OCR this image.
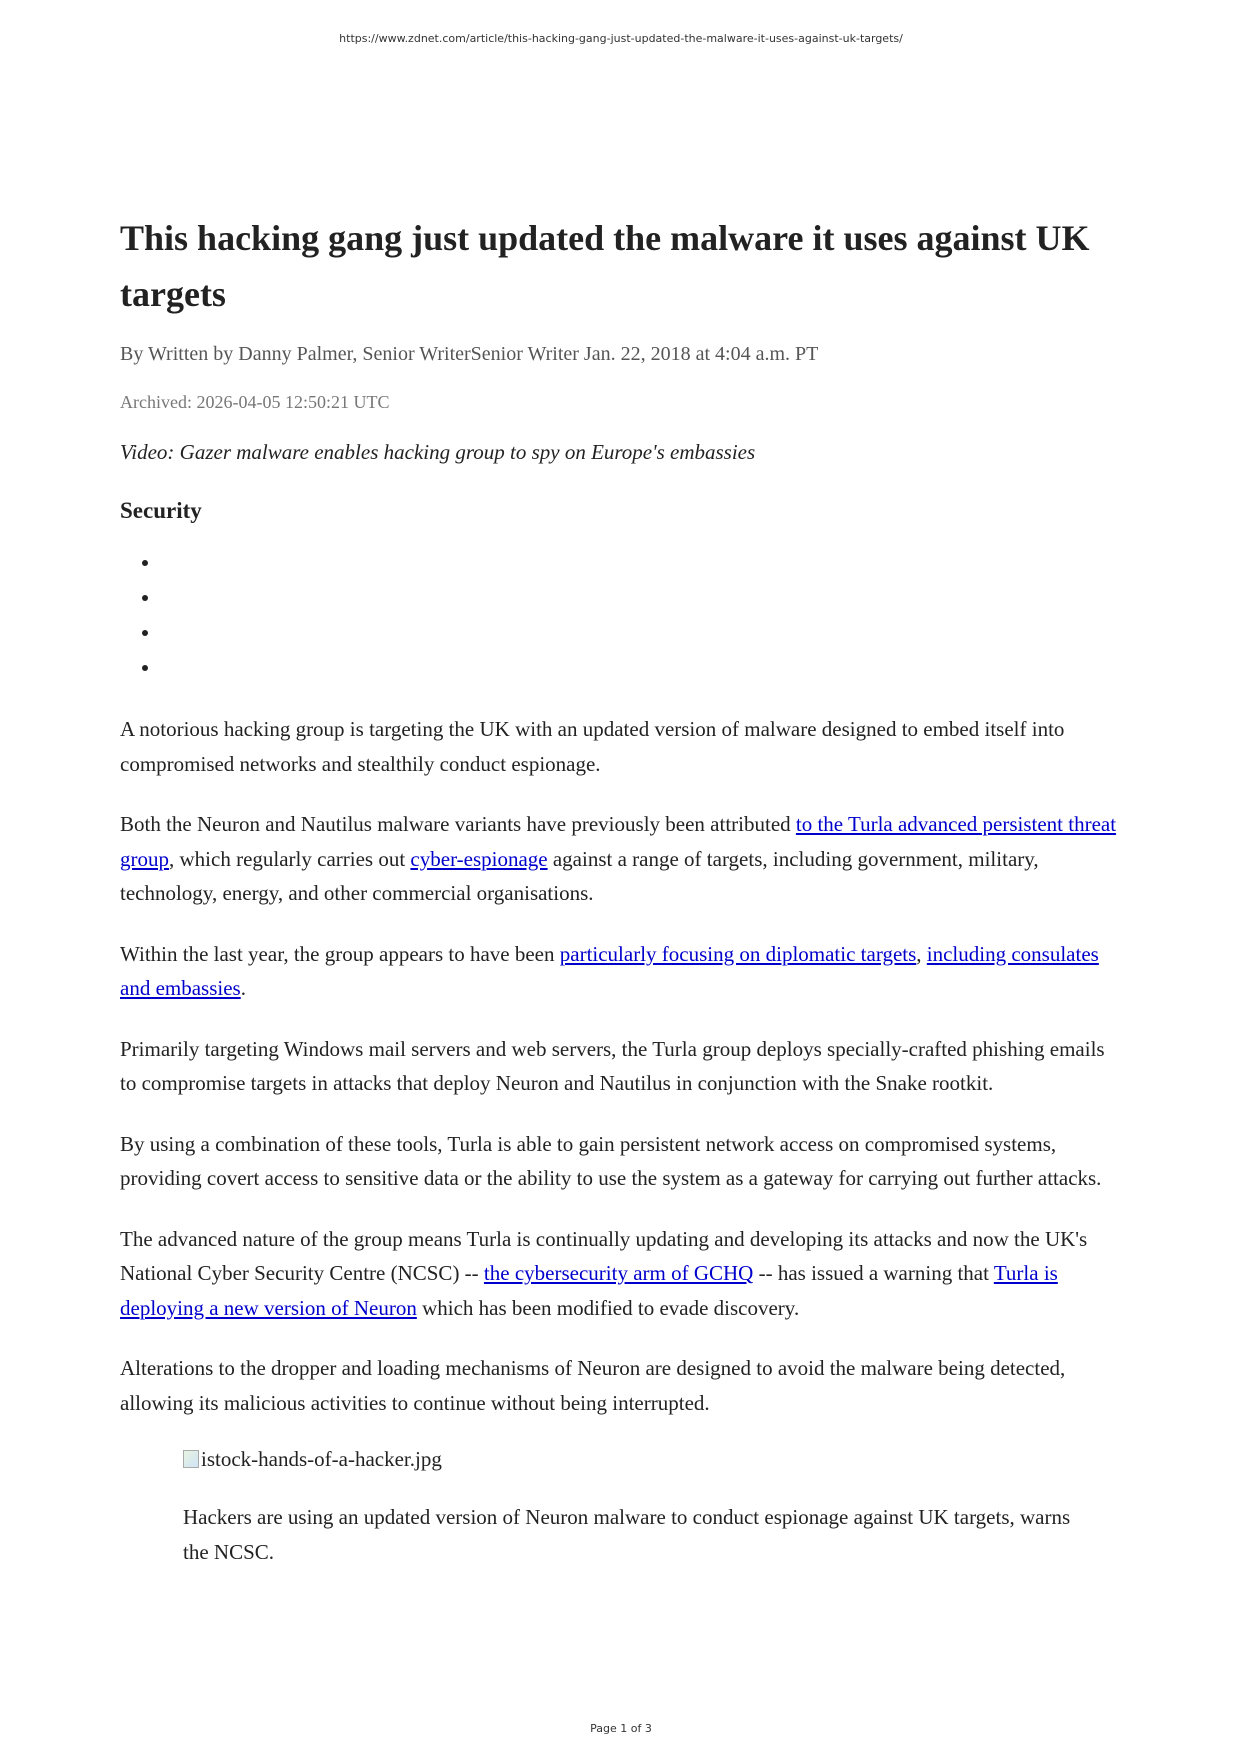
https://www.zdnet.com/article/this-hacking-gang-just-updated-the-malware-it-uses-against-uk-targets/
This hacking gang just updated the malware it uses against UK targets
By Written by Danny Palmer, Senior WriterSenior Writer Jan. 22, 2018 at 4:04 a.m. PT
Archived: 2026-04-05 12:50:21 UTC
Video: Gazer malware enables hacking group to spy on Europe's embassies
Security
•
•
•
•

A notorious hacking group is targeting the UK with an updated version of malware designed to embed itself into compromised networks and stealthily conduct espionage.

Both the Neuron and Nautilus malware variants have previously been attributed to the Turla advanced persistent threat group, which regularly carries out cyber-espionage against a range of targets, including government, military, technology, energy, and other commercial organisations.

Within the last year, the group appears to have been particularly focusing on diplomatic targets, including consulates and embassies.

Primarily targeting Windows mail servers and web servers, the Turla group deploys specially-crafted phishing emails to compromise targets in attacks that deploy Neuron and Nautilus in conjunction with the Snake rootkit.

By using a combination of these tools, Turla is able to gain persistent network access on compromised systems, providing covert access to sensitive data or the ability to use the system as a gateway for carrying out further attacks.

The advanced nature of the group means Turla is continually updating and developing its attacks and now the UK's National Cyber Security Centre (NCSC) -- the cybersecurity arm of GCHQ -- has issued a warning that Turla is deploying a new version of Neuron which has been modified to evade discovery.

Alterations to the dropper and loading mechanisms of Neuron are designed to avoid the malware being detected, allowing its malicious activities to continue without being interrupted.

istock-hands-of-a-hacker.jpg
Hackers are using an updated version of Neuron malware to conduct espionage against UK targets, warns the NCSC.
Page 1 of 3
